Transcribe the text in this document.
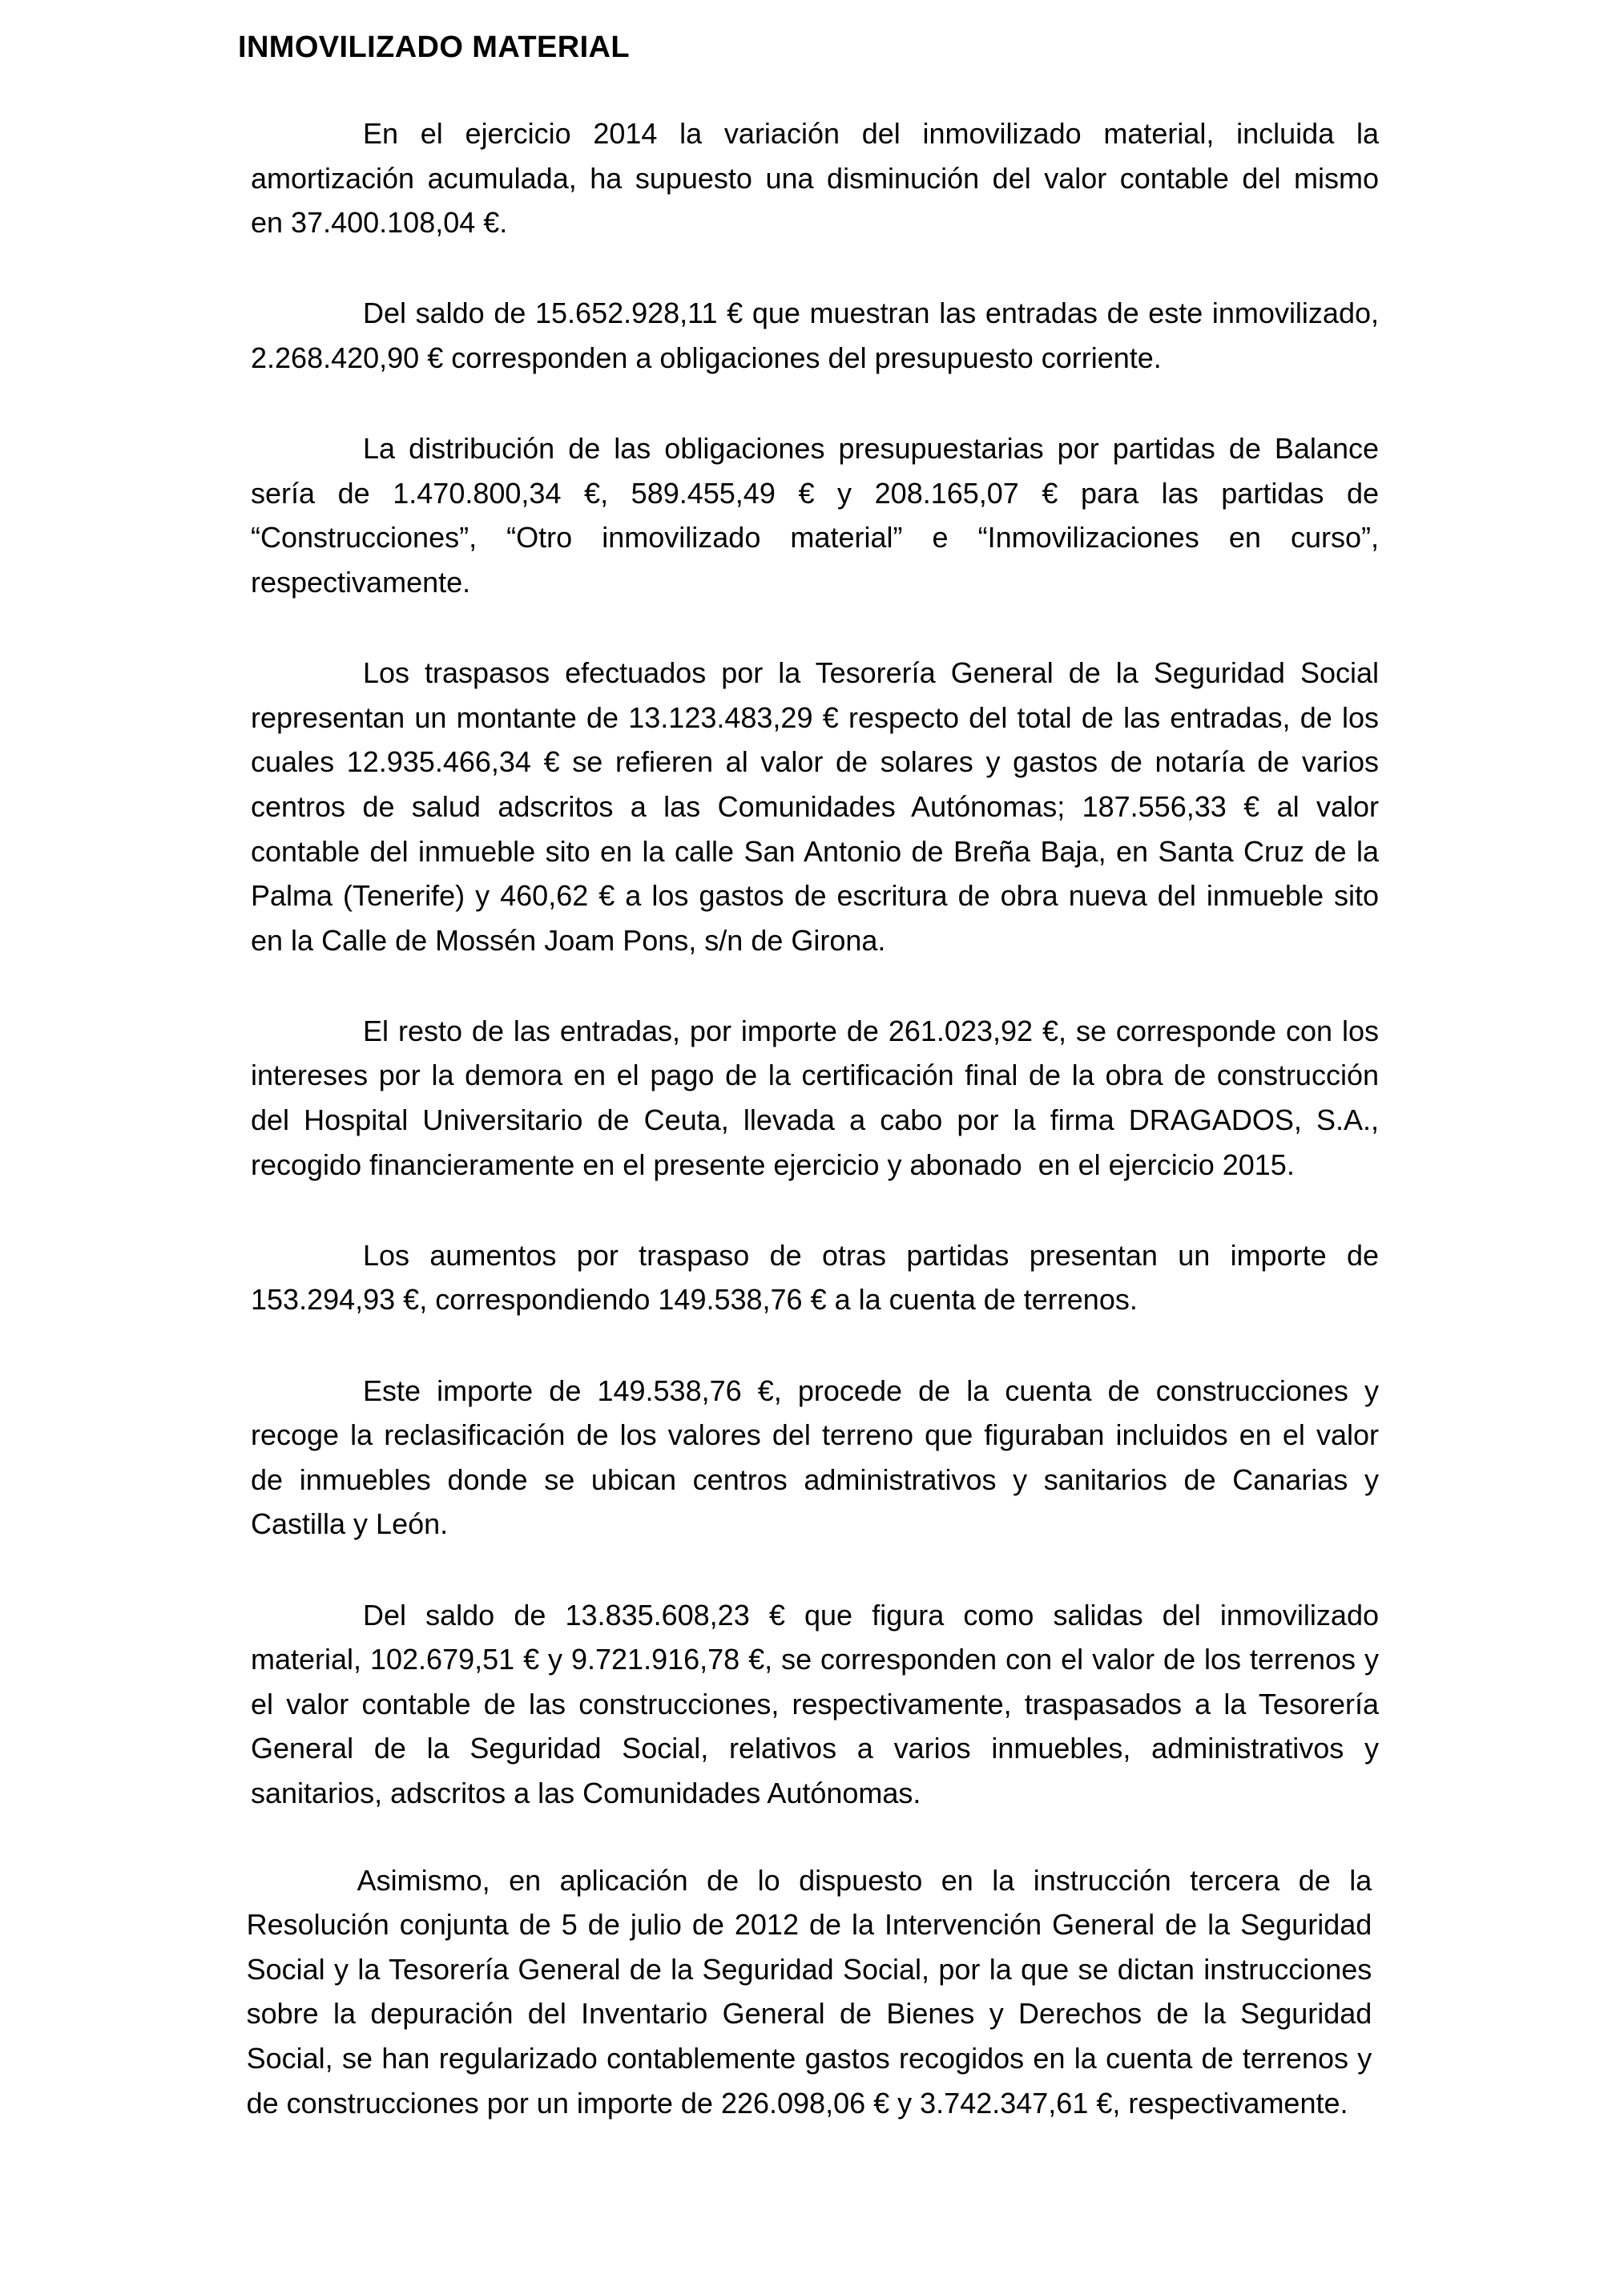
INMOVILIZADO MATERIAL
En el ejercicio 2014 la variación del inmovilizado material, incluida la
amortización acumulada, ha supuesto una disminución del valor contable del mismo
en 37.400.108,04 €.
Del saldo de 15.652.928,11 € que muestran las entradas de este inmovilizado,
2.268.420,90 € corresponden a obligaciones del presupuesto corriente.
La distribución de las obligaciones presupuestarias por partidas de Balance
sería de 1.470.800,34 €, 589.455,49 € y 208.165,07 € para las partidas de
“Construcciones”, “Otro inmovilizado material” e “Inmovilizaciones en curso”,
respectivamente.
Los traspasos efectuados por la Tesorería General de la Seguridad Social
representan un montante de 13.123.483,29 € respecto del total de las entradas, de los
cuales 12.935.466,34 € se refieren al valor de solares y gastos de notaría de varios
centros de salud adscritos a las Comunidades Autónomas; 187.556,33 € al valor
contable del inmueble sito en la calle San Antonio de Breña Baja, en Santa Cruz de la
Palma (Tenerife) y 460,62 € a los gastos de escritura de obra nueva del inmueble sito
en la Calle de Mossén Joam Pons, s/n de Girona.
El resto de las entradas, por importe de 261.023,92 €, se corresponde con los
intereses por la demora en el pago de la certificación final de la obra de construcción
del Hospital Universitario de Ceuta, llevada a cabo por la firma DRAGADOS, S.A.,
recogido financieramente en el presente ejercicio y abonado  en el ejercicio 2015.
Los aumentos por traspaso de otras partidas presentan un importe de
153.294,93 €, correspondiendo 149.538,76 € a la cuenta de terrenos.
Este importe de 149.538,76 €, procede de la cuenta de construcciones y
recoge la reclasificación de los valores del terreno que figuraban incluidos en el valor
de inmuebles donde se ubican centros administrativos y sanitarios de Canarias y
Castilla y León.
Del saldo de 13.835.608,23 € que figura como salidas del inmovilizado
material, 102.679,51 € y 9.721.916,78 €, se corresponden con el valor de los terrenos y
el valor contable de las construcciones, respectivamente, traspasados a la Tesorería
General de la Seguridad Social, relativos a varios inmuebles, administrativos y
sanitarios, adscritos a las Comunidades Autónomas.
Asimismo, en aplicación de lo dispuesto en la instrucción tercera de la
Resolución conjunta de 5 de julio de 2012 de la Intervención General de la Seguridad
Social y la Tesorería General de la Seguridad Social, por la que se dictan instrucciones
sobre la depuración del Inventario General de Bienes y Derechos de la Seguridad
Social, se han regularizado contablemente gastos recogidos en la cuenta de terrenos y
de construcciones por un importe de 226.098,06 € y 3.742.347,61 €, respectivamente.
